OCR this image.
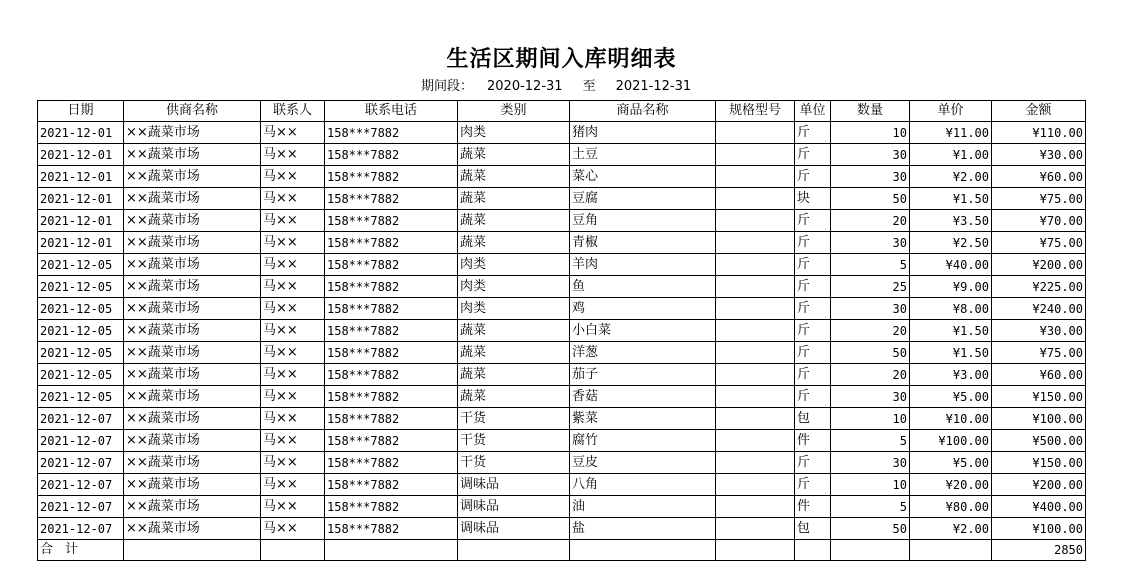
生活区期间入库明细表
期间段： 2020-12-31 至 2021-12-31
日期	供商名称	联系人	联系电话	类别	商品名称	规格型号	单位	数量	单价	金额
2021-12-01	××蔬菜市场	马××	158***7882	肉类	猪肉		斤	10	¥11.00	¥110.00
2021-12-01	××蔬菜市场	马××	158***7882	蔬菜	土豆		斤	30	¥1.00	¥30.00
2021-12-01	××蔬菜市场	马××	158***7882	蔬菜	菜心		斤	30	¥2.00	¥60.00
2021-12-01	××蔬菜市场	马××	158***7882	蔬菜	豆腐		块	50	¥1.50	¥75.00
2021-12-01	××蔬菜市场	马××	158***7882	蔬菜	豆角		斤	20	¥3.50	¥70.00
2021-12-01	××蔬菜市场	马××	158***7882	蔬菜	青椒		斤	30	¥2.50	¥75.00
2021-12-05	××蔬菜市场	马××	158***7882	肉类	羊肉		斤	5	¥40.00	¥200.00
2021-12-05	××蔬菜市场	马××	158***7882	肉类	鱼		斤	25	¥9.00	¥225.00
2021-12-05	××蔬菜市场	马××	158***7882	肉类	鸡		斤	30	¥8.00	¥240.00
2021-12-05	××蔬菜市场	马××	158***7882	蔬菜	小白菜		斤	20	¥1.50	¥30.00
2021-12-05	××蔬菜市场	马××	158***7882	蔬菜	洋葱		斤	50	¥1.50	¥75.00
2021-12-05	××蔬菜市场	马××	158***7882	蔬菜	茄子		斤	20	¥3.00	¥60.00
2021-12-05	××蔬菜市场	马××	158***7882	蔬菜	香菇		斤	30	¥5.00	¥150.00
2021-12-07	××蔬菜市场	马××	158***7882	干货	紫菜		包	10	¥10.00	¥100.00
2021-12-07	××蔬菜市场	马××	158***7882	干货	腐竹		件	5	¥100.00	¥500.00
2021-12-07	××蔬菜市场	马××	158***7882	干货	豆皮		斤	30	¥5.00	¥150.00
2021-12-07	××蔬菜市场	马××	158***7882	调味品	八角		斤	10	¥20.00	¥200.00
2021-12-07	××蔬菜市场	马××	158***7882	调味品	油		件	5	¥80.00	¥400.00
2021-12-07	××蔬菜市场	马××	158***7882	调味品	盐		包	50	¥2.00	¥100.00
合计										2850
